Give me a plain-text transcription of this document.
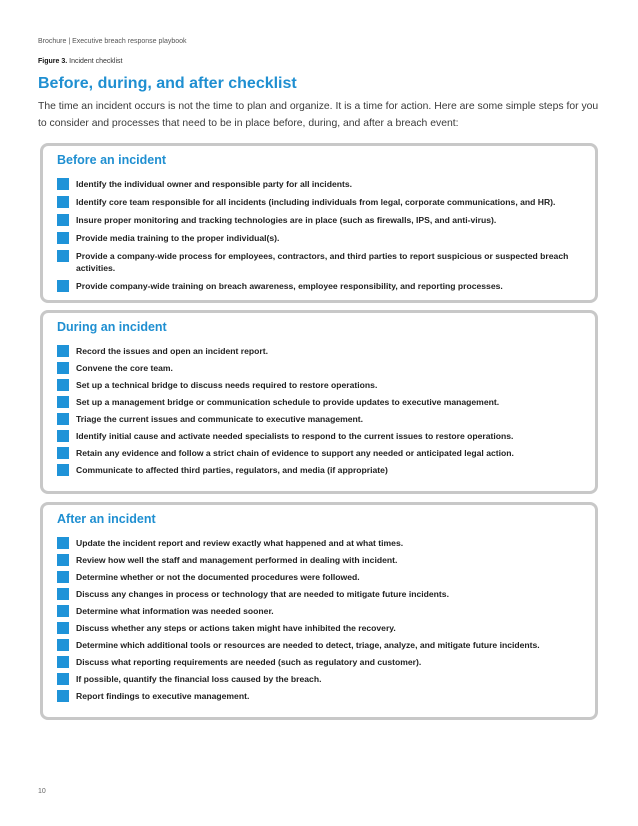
Brochure | Executive breach response playbook
Figure 3. Incident checklist
Before, during, and after checklist

The time an incident occurs is not the time to plan and organize. It is a time for action. Here are some simple steps for you to consider and processes that need to be in place before, during, and after a breach event:

Before an incident
Identify the individual owner and responsible party for all incidents.
Identify core team responsible for all incidents (including individuals from legal, corporate communications, and HR).
Insure proper monitoring and tracking technologies are in place (such as firewalls, IPS, and anti-virus).
Provide media training to the proper individual(s).
Provide a company-wide process for employees, contractors, and third parties to report suspicious or suspected breach activities.
Provide company-wide training on breach awareness, employee responsibility, and reporting processes.
During an incident
Record the issues and open an incident report.
Convene the core team.
Set up a technical bridge to discuss needs required to restore operations.
Set up a management bridge or communication schedule to provide updates to executive management.
Triage the current issues and communicate to executive management.
Identify initial cause and activate needed specialists to respond to the current issues to restore operations.
Retain any evidence and follow a strict chain of evidence to support any needed or anticipated legal action.
Communicate to affected third parties, regulators, and media (if appropriate)
After an incident
Update the incident report and review exactly what happened and at what times.
Review how well the staff and management performed in dealing with incident.
Determine whether or not the documented procedures were followed.
Discuss any changes in process or technology that are needed to mitigate future incidents.
Determine what information was needed sooner.
Discuss whether any steps or actions taken might have inhibited the recovery.
Determine which additional tools or resources are needed to detect, triage, analyze, and mitigate future incidents.
Discuss what reporting requirements are needed (such as regulatory and customer).
If possible, quantify the financial loss caused by the breach.
Report findings to executive management.
10
